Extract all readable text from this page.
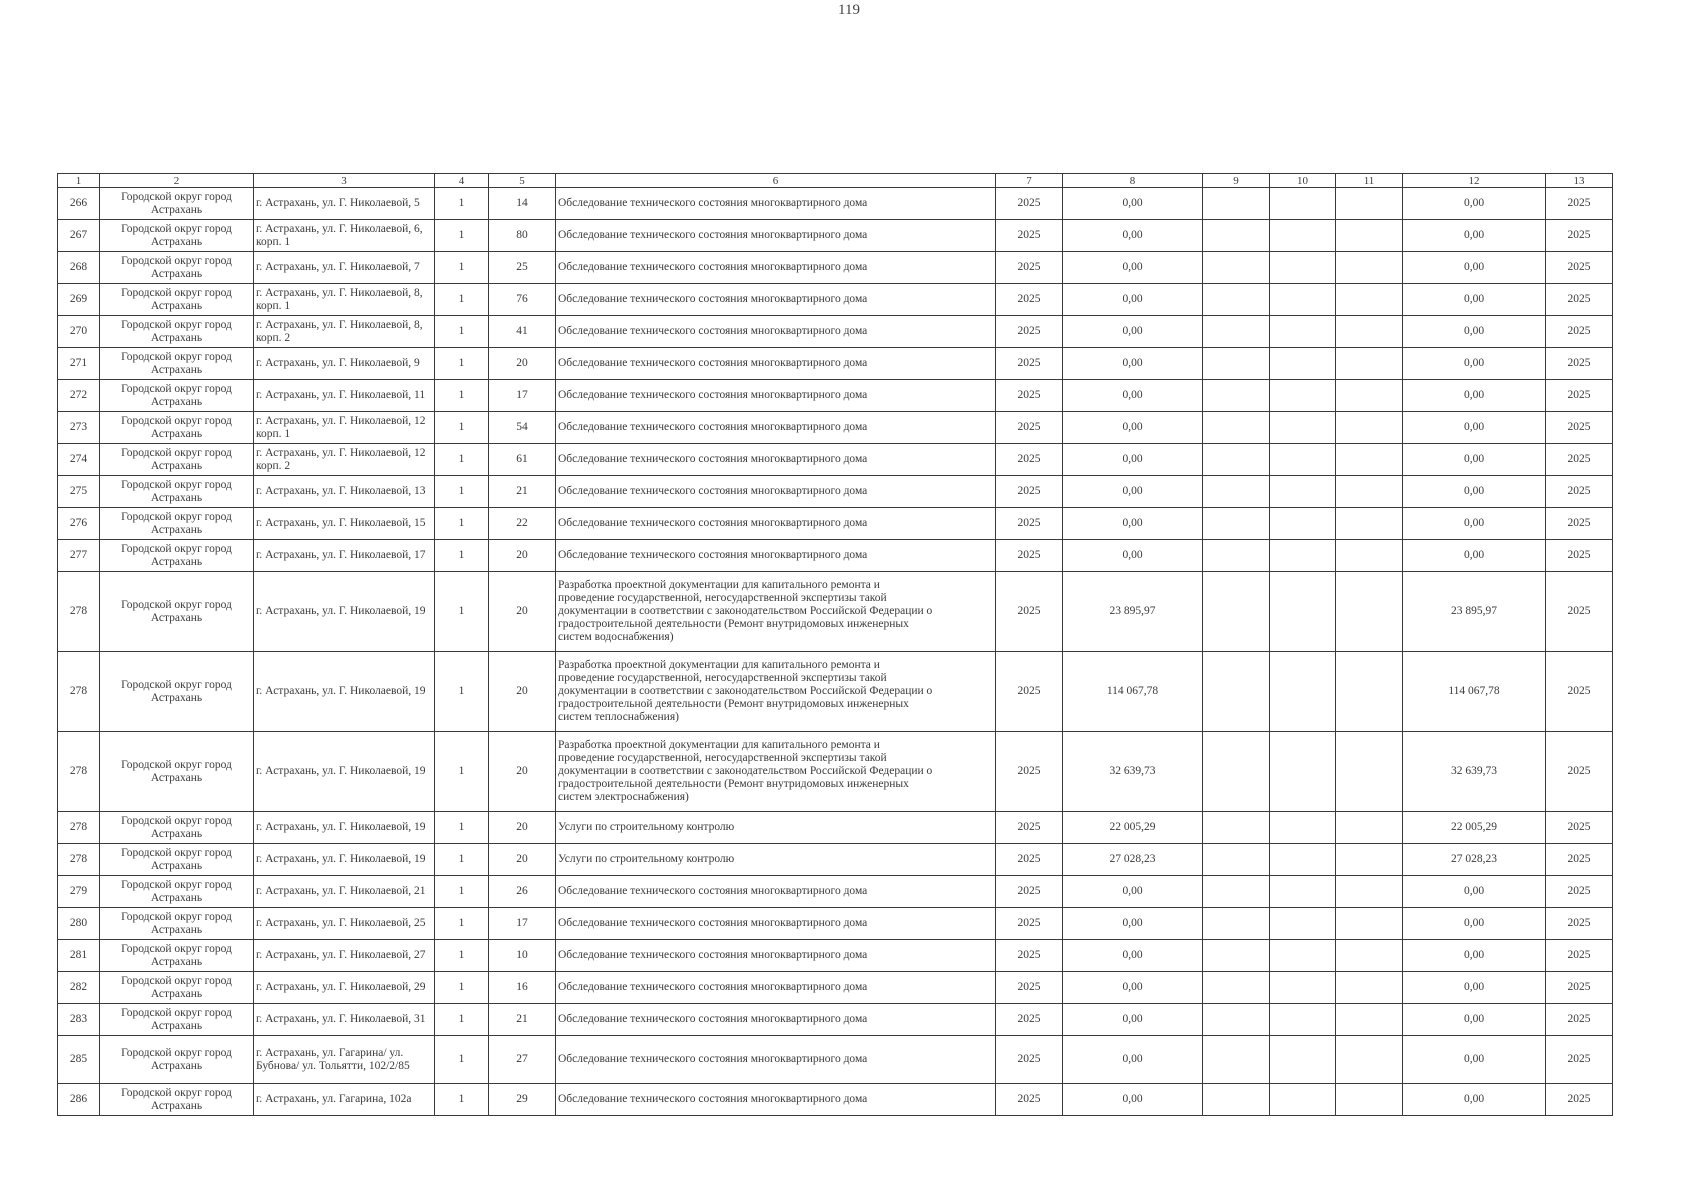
119
1	2	3	4	5	6	7	8	9	10	11	12	13
266	Городской округ город Астрахань	г. Астрахань, ул. Г. Николаевой, 5	1	14	Обследование технического состояния многоквартирного дома	2025	0,00				0,00	2025
267	Городской округ город Астрахань	г. Астрахань, ул. Г. Николаевой, 6, корп. 1	1	80	Обследование технического состояния многоквартирного дома	2025	0,00				0,00	2025
268	Городской округ город Астрахань	г. Астрахань, ул. Г. Николаевой, 7	1	25	Обследование технического состояния многоквартирного дома	2025	0,00				0,00	2025
269	Городской округ город Астрахань	г. Астрахань, ул. Г. Николаевой, 8, корп. 1	1	76	Обследование технического состояния многоквартирного дома	2025	0,00				0,00	2025
270	Городской округ город Астрахань	г. Астрахань, ул. Г. Николаевой, 8, корп. 2	1	41	Обследование технического состояния многоквартирного дома	2025	0,00				0,00	2025
271	Городской округ город Астрахань	г. Астрахань, ул. Г. Николаевой, 9	1	20	Обследование технического состояния многоквартирного дома	2025	0,00				0,00	2025
272	Городской округ город Астрахань	г. Астрахань, ул. Г. Николаевой, 11	1	17	Обследование технического состояния многоквартирного дома	2025	0,00				0,00	2025
273	Городской округ город Астрахань	г. Астрахань, ул. Г. Николаевой, 12 корп. 1	1	54	Обследование технического состояния многоквартирного дома	2025	0,00				0,00	2025
274	Городской округ город Астрахань	г. Астрахань, ул. Г. Николаевой, 12 корп. 2	1	61	Обследование технического состояния многоквартирного дома	2025	0,00				0,00	2025
275	Городской округ город Астрахань	г. Астрахань, ул. Г. Николаевой, 13	1	21	Обследование технического состояния многоквартирного дома	2025	0,00				0,00	2025
276	Городской округ город Астрахань	г. Астрахань, ул. Г. Николаевой, 15	1	22	Обследование технического состояния многоквартирного дома	2025	0,00				0,00	2025
277	Городской округ город Астрахань	г. Астрахань, ул. Г. Николаевой, 17	1	20	Обследование технического состояния многоквартирного дома	2025	0,00				0,00	2025
278	Городской округ город Астрахань	г. Астрахань, ул. Г. Николаевой, 19	1	20	Разработка проектной документации для капитального ремонта и
проведение государственной, негосударственной экспертизы такой
документации в соответствии с законодательством Российской Федерации о
градостроительной деятельности (Ремонт внутридомовых инженерных
систем водоснабжения)	2025	23 895,97				23 895,97	2025
278	Городской округ город Астрахань	г. Астрахань, ул. Г. Николаевой, 19	1	20	Разработка проектной документации для капитального ремонта и
проведение государственной, негосударственной экспертизы такой
документации в соответствии с законодательством Российской Федерации о
градостроительной деятельности (Ремонт внутридомовых инженерных
систем теплоснабжения)	2025	114 067,78				114 067,78	2025
278	Городской округ город Астрахань	г. Астрахань, ул. Г. Николаевой, 19	1	20	Разработка проектной документации для капитального ремонта и
проведение государственной, негосударственной экспертизы такой
документации в соответствии с законодательством Российской Федерации о
градостроительной деятельности (Ремонт внутридомовых инженерных
систем электроснабжения)	2025	32 639,73				32 639,73	2025
278	Городской округ город Астрахань	г. Астрахань, ул. Г. Николаевой, 19	1	20	Услуги по строительному контролю	2025	22 005,29				22 005,29	2025
278	Городской округ город Астрахань	г. Астрахань, ул. Г. Николаевой, 19	1	20	Услуги по строительному контролю	2025	27 028,23				27 028,23	2025
279	Городской округ город Астрахань	г. Астрахань, ул. Г. Николаевой, 21	1	26	Обследование технического состояния многоквартирного дома	2025	0,00				0,00	2025
280	Городской округ город Астрахань	г. Астрахань, ул. Г. Николаевой, 25	1	17	Обследование технического состояния многоквартирного дома	2025	0,00				0,00	2025
281	Городской округ город Астрахань	г. Астрахань, ул. Г. Николаевой, 27	1	10	Обследование технического состояния многоквартирного дома	2025	0,00				0,00	2025
282	Городской округ город Астрахань	г. Астрахань, ул. Г. Николаевой, 29	1	16	Обследование технического состояния многоквартирного дома	2025	0,00				0,00	2025
283	Городской округ город Астрахань	г. Астрахань, ул. Г. Николаевой, 31	1	21	Обследование технического состояния многоквартирного дома	2025	0,00				0,00	2025
285	Городской округ город Астрахань	г. Астрахань, ул. Гагарина/ ул. Бубнова/ ул. Тольятти, 102/2/85	1	27	Обследование технического состояния многоквартирного дома	2025	0,00				0,00	2025
286	Городской округ город Астрахань	г. Астрахань, ул. Гагарина, 102а	1	29	Обследование технического состояния многоквартирного дома	2025	0,00				0,00	2025
